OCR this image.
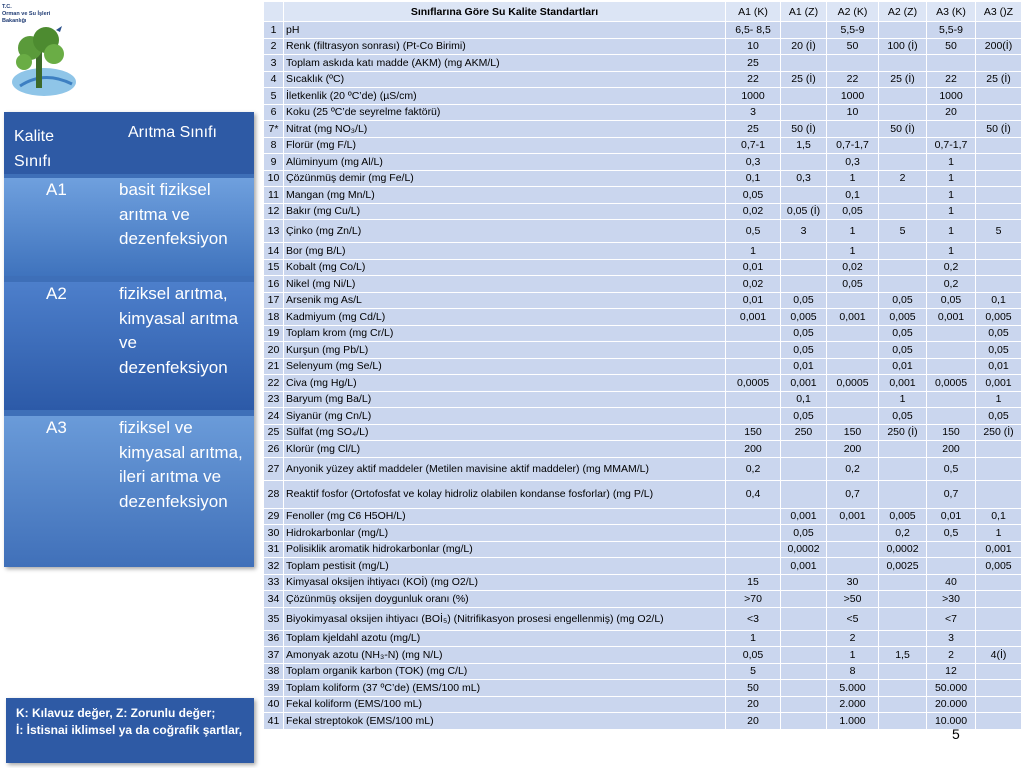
T.C.
Orman ve Su İşleri
Bakanlığı
Kalite Sınıfı
Arıtma Sınıfı
A1	basit fiziksel arıtma ve dezenfeksiyon
A2	fiziksel arıtma, kimyasal arıtma ve dezenfeksiyon
A3	fiziksel ve kimyasal arıtma, ileri arıtma ve dezenfeksiyon
K: Kılavuz değer, Z: Zorunlu değer;
İ: İstisnai iklimsel ya da coğrafik şartlar,
	Sınıflarına Göre Su Kalite Standartları	A1 (K)	A1 (Z)	A2 (K)	A2 (Z)	A3 (K)	A3 ()Z
1	pH	6,5- 8,5		5,5-9		5,5-9	
2	Renk (filtrasyon sonrası) (Pt-Co Birimi)	10	20 (İ)	50	100 (İ)	50	200(İ)
3	Toplam askıda katı madde (AKM) (mg AKM/L)	25					
4	Sıcaklık (ºC)	22	25 (İ)	22	25 (İ)	22	25 (İ)
5	İletkenlik (20 ºC’de) (µS/cm)	1000		1000		1000	
6	Koku (25 ºC’de seyrelme faktörü)	3		10		20	
7*	Nitrat (mg NO₃/L)	25	50 (İ)		50 (İ)		50 (İ)
8	Florür (mg F/L)	0,7-1	1,5	0,7-1,7		0,7-1,7	
9	Alüminyum (mg Al/L)	0,3		0,3		1	
10	Çözünmüş demir (mg Fe/L)	0,1	0,3	1	2	1	
11	Mangan (mg Mn/L)	0,05		0,1		1	
12	Bakır (mg Cu/L)	0,02	0,05 (İ)	0,05		1	
13	Çinko (mg Zn/L)	0,5	3	1	5	1	5
14	Bor (mg B/L)	1		1		1	
15	Kobalt (mg Co/L)	0,01		0,02		0,2	
16	Nikel (mg Ni/L)	0,02		0,05		0,2	
17	Arsenik mg As/L	0,01	0,05		0,05	0,05	0,1
18	Kadmiyum (mg Cd/L)	0,001	0,005	0,001	0,005	0,001	0,005
19	Toplam krom (mg Cr/L)		0,05		0,05		0,05
20	Kurşun (mg Pb/L)		0,05		0,05		0,05
21	Selenyum (mg Se/L)		0,01		0,01		0,01
22	Civa (mg Hg/L)	0,0005	0,001	0,0005	0,001	0,0005	0,001
23	Baryum (mg Ba/L)		0,1		1		1
24	Siyanür (mg Cn/L)		0,05		0,05		0,05
25	Sülfat (mg SO₄/L)	150	250	150	250 (İ)	150	250 (İ)
26	Klorür (mg Cl/L)	200		200		200	
27	Anyonik yüzey aktif maddeler (Metilen mavisine aktif maddeler) (mg MMAM/L)	0,2		0,2		0,5	
28	Reaktif fosfor (Ortofosfat ve kolay hidroliz olabilen kondanse fosforlar) (mg P/L)	0,4		0,7		0,7	
29	Fenoller (mg C6 H5OH/L)		0,001	0,001	0,005	0,01	0,1
30	Hidrokarbonlar (mg/L)		0,05		0,2	0,5	1
31	Polisiklik aromatik hidrokarbonlar (mg/L)		0,0002		0,0002		0,001
32	Toplam pestisit (mg/L)		0,001		0,0025		0,005
33	Kimyasal oksijen ihtiyacı (KOİ) (mg O2/L)	15		30		40	
34	Çözünmüş oksijen doygunluk oranı (%)	>70		>50		>30	
35	Biyokimyasal oksijen ihtiyacı (BOİ₅) (Nitrifikasyon prosesi engellenmiş) (mg O2/L)	<3		<5		<7	
36	Toplam kjeldahl azotu (mg/L)	1		2		3	
37	Amonyak azotu (NH₃-N) (mg N/L)	0,05		1	1,5	2	4(İ)
38	Toplam organik karbon (TOK) (mg C/L)	5		8		12	
39	Toplam koliform (37 ºC’de) (EMS/100 mL)	50		5.000		50.000	
40	Fekal koliform (EMS/100 mL)	20		2.000		20.000	
41	Fekal streptokok (EMS/100 mL)	20		1.000		10.000	
5
